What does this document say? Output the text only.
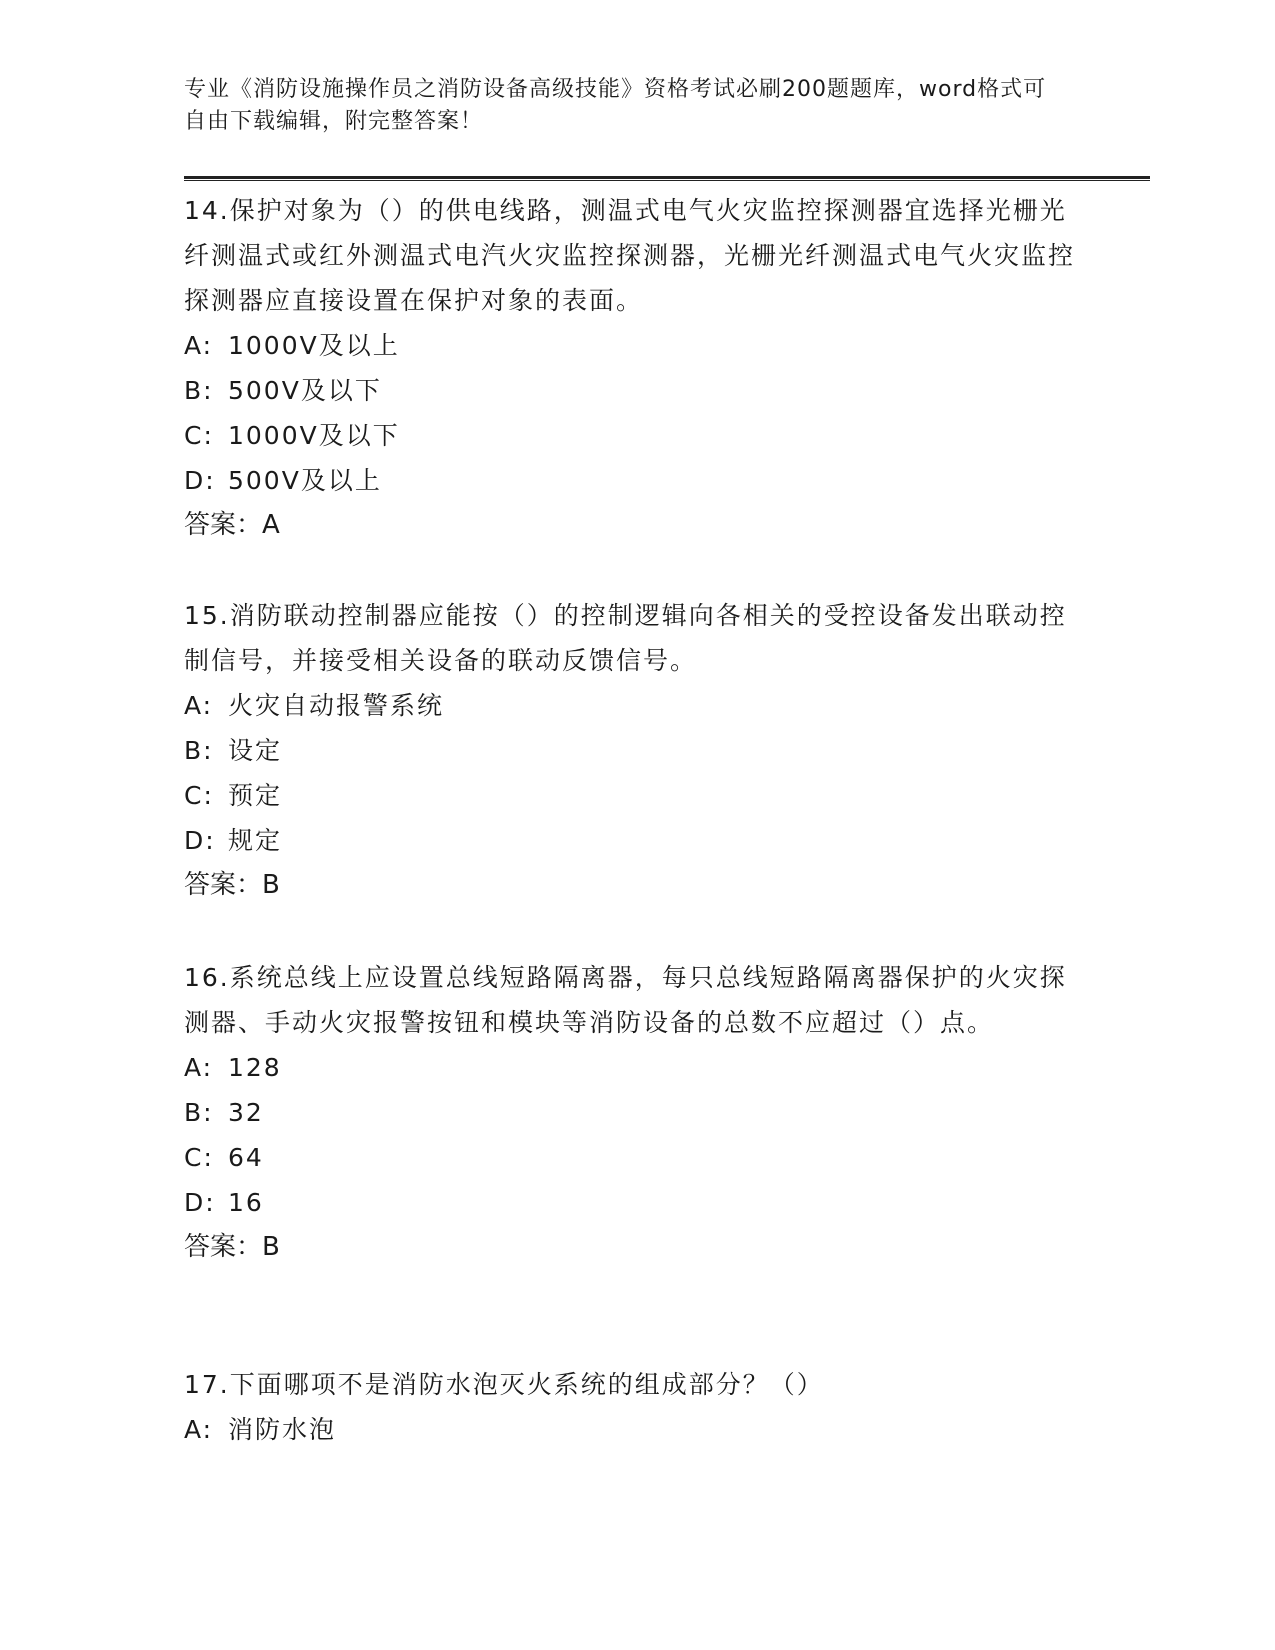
专业《消防设施操作员之消防设备高级技能》资格考试必刷200题题库，word格式可自由下载编辑，附完整答案！

14.保护对象为（）的供电线路，测温式电气火灾监控探测器宜选择光栅光纤测温式或红外测温式电汽火灾监控探测器，光栅光纤测温式电气火灾监控探测器应直接设置在保护对象的表面。

A: 1000V及以上

B: 500V及以下

C: 1000V及以下

D: 500V及以上

答案：A

15.消防联动控制器应能按（）的控制逻辑向各相关的受控设备发出联动控制信号，并接受相关设备的联动反馈信号。

A: 火灾自动报警系统

B: 设定

C: 预定

D: 规定

答案：B

16.系统总线上应设置总线短路隔离器，每只总线短路隔离器保护的火灾探测器、手动火灾报警按钮和模块等消防设备的总数不应超过（）点。

A: 128

B: 32

C: 64

D: 16

答案：B

17.下面哪项不是消防水泡灭火系统的组成部分？（）

A: 消防水泡
